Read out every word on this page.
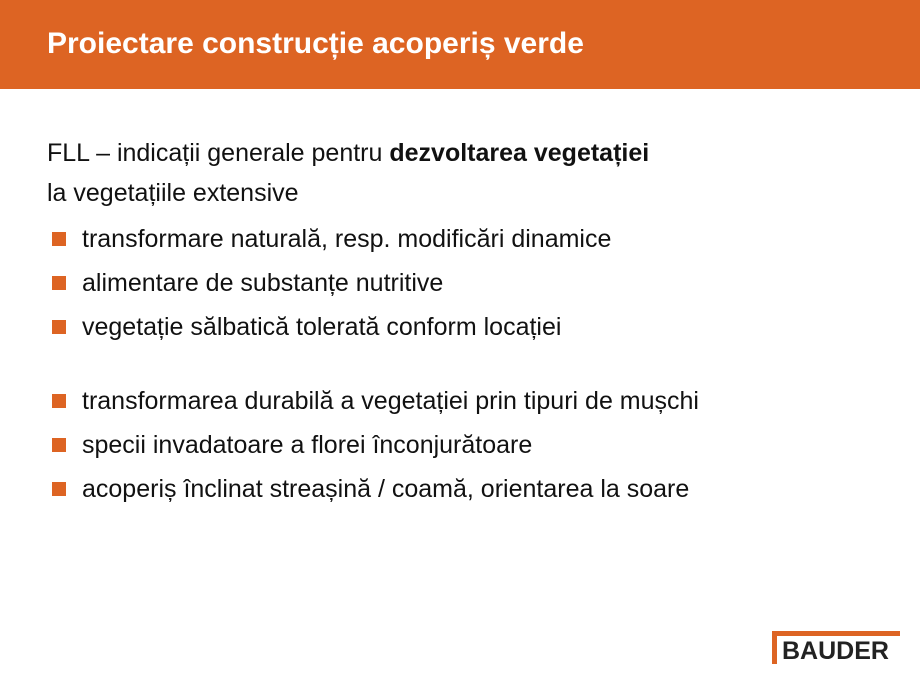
Proiectare construcție acoperiș verde
FLL – indicații generale pentru dezvoltarea vegetației
la vegetațiile extensive
transformare naturală, resp. modificări dinamice
alimentare de substanțe nutritive
vegetație sălbatică tolerată conform locației
transformarea durabilă a vegetației prin tipuri de mușchi
specii invadatoare a florei înconjurătoare
acoperiș înclinat streașină / coamă, orientarea la soare
BAUDER
